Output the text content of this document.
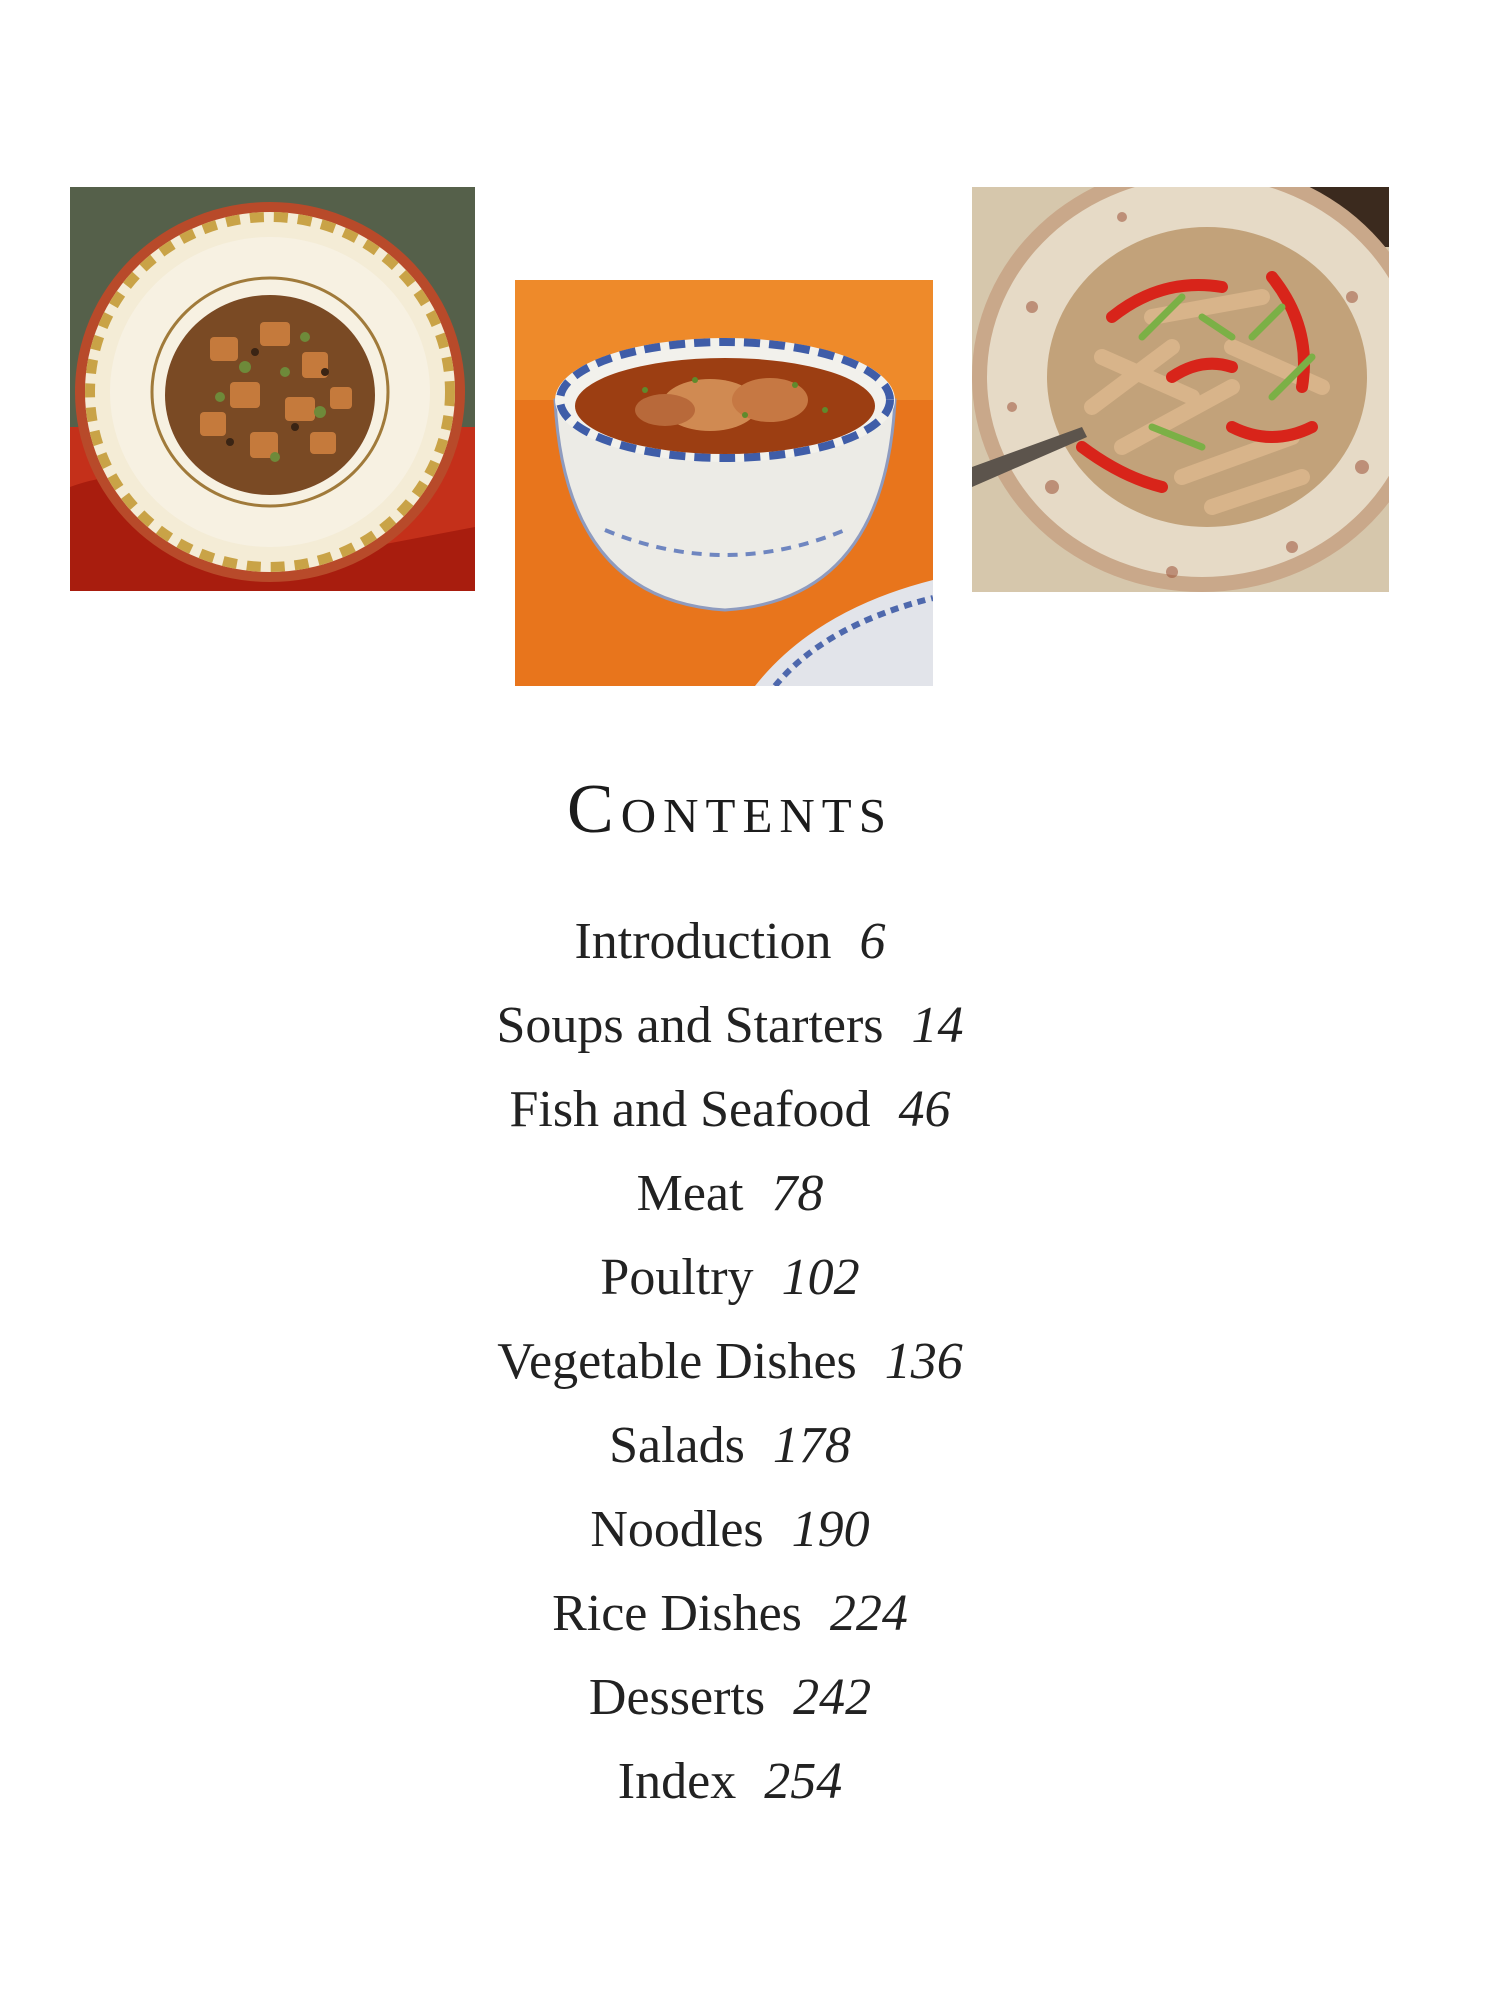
Contents
Introduction 6
Soups and Starters 14
Fish and Seafood 46
Meat 78
Poultry 102
Vegetable Dishes 136
Salads 178
Noodles 190
Rice Dishes 224
Desserts 242
Index 254
